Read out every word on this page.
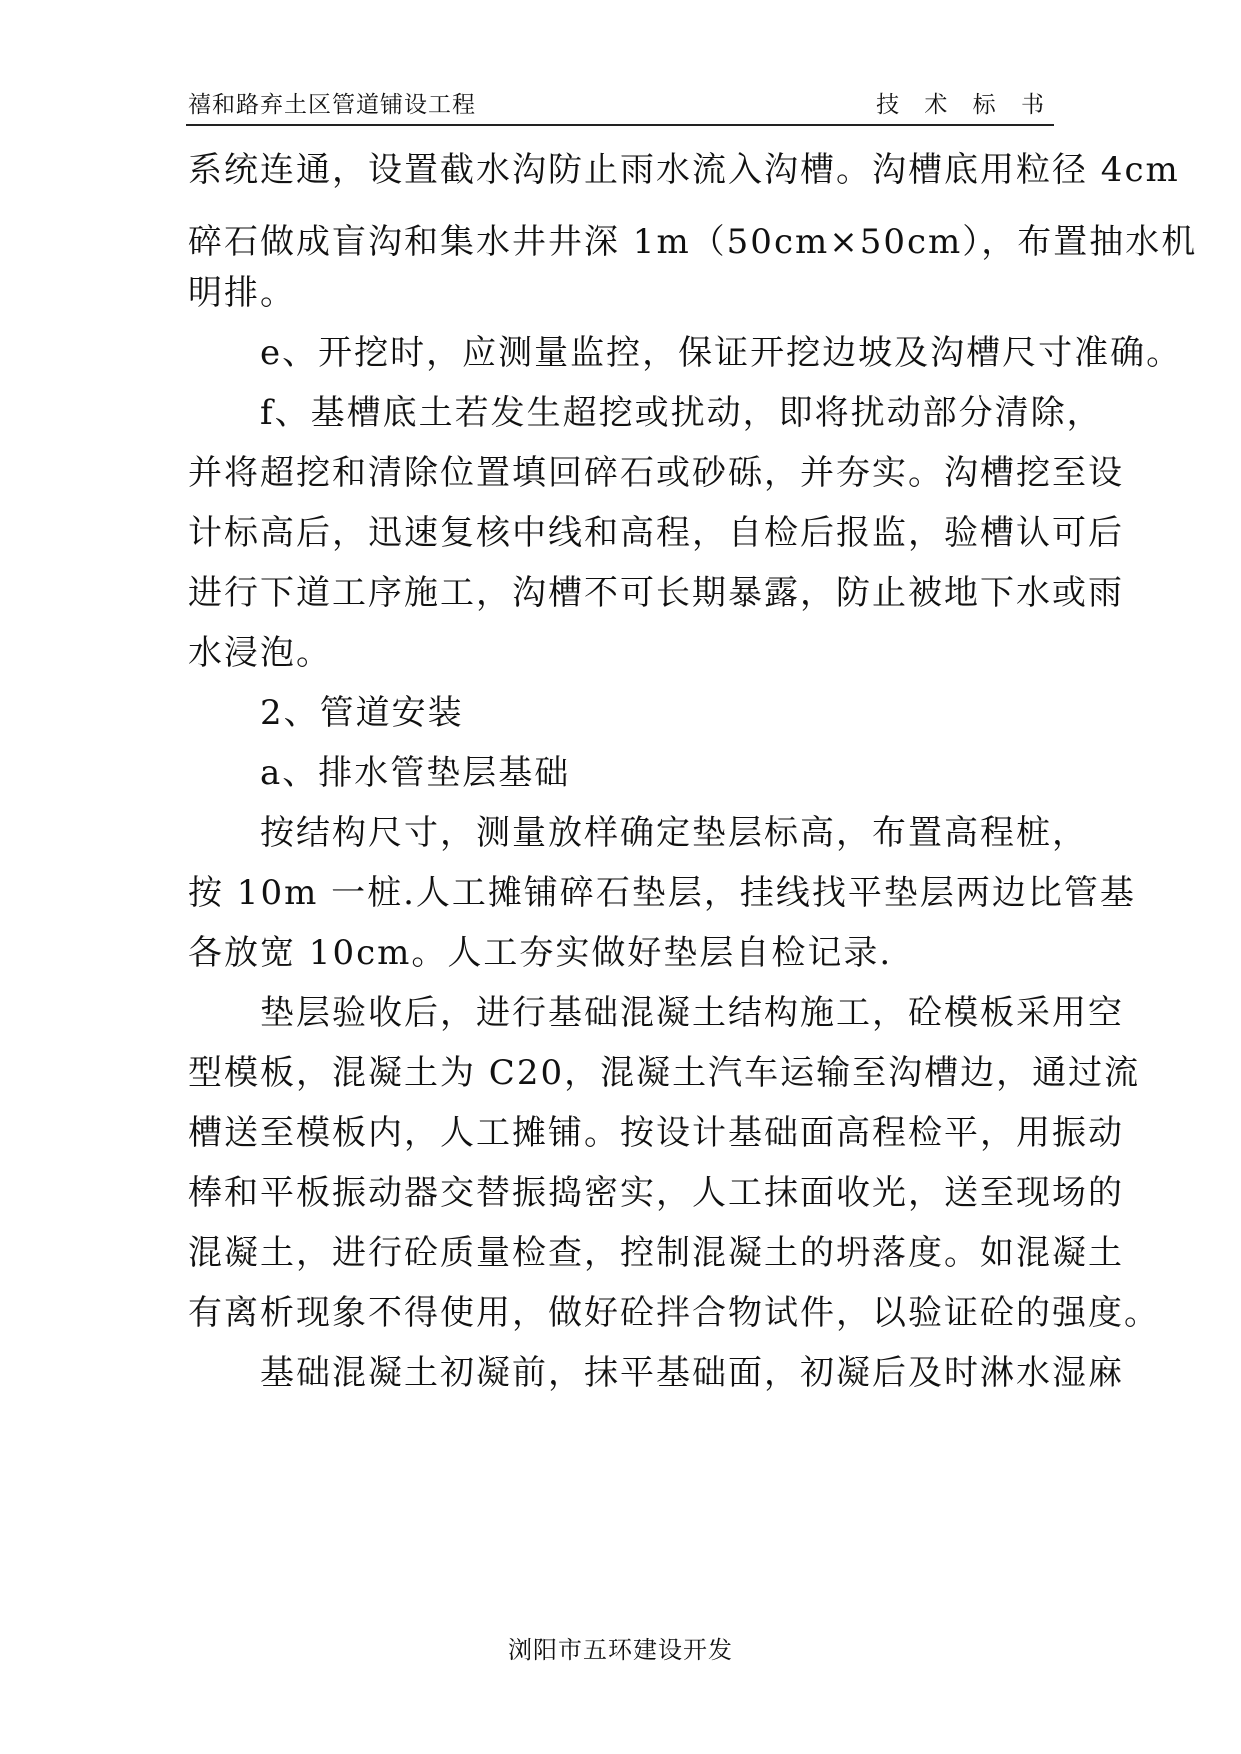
禧和路弃土区管道铺设工程	技 术 标 书
系统连通，设置截水沟防止雨水流入沟槽。沟槽底用粒径 4cm
碎石做成盲沟和集水井井深 1m（50cm×50cm），布置抽水机
明排。
e、开挖时，应测量监控，保证开挖边坡及沟槽尺寸准确。
f、基槽底土若发生超挖或扰动，即将扰动部分清除，
并将超挖和清除位置填回碎石或砂砾，并夯实。沟槽挖至设
计标高后，迅速复核中线和高程，自检后报监，验槽认可后
进行下道工序施工，沟槽不可长期暴露，防止被地下水或雨
水浸泡。
2、管道安装
a、排水管垫层基础
按结构尺寸，测量放样确定垫层标高，布置高程桩，
按 10m 一桩.人工摊铺碎石垫层，挂线找平垫层两边比管基
各放宽 10cm。人工夯实做好垫层自检记录.
垫层验收后，进行基础混凝土结构施工，砼模板采用空
型模板，混凝土为 C20，混凝土汽车运输至沟槽边，通过流
槽送至模板内，人工摊铺。按设计基础面高程检平，用振动
棒和平板振动器交替振捣密实，人工抹面收光，送至现场的
混凝土，进行砼质量检查，控制混凝土的坍落度。如混凝土
有离析现象不得使用，做好砼拌合物试件，以验证砼的强度。
基础混凝土初凝前，抹平基础面，初凝后及时淋水湿麻
浏阳市五环建设开发
